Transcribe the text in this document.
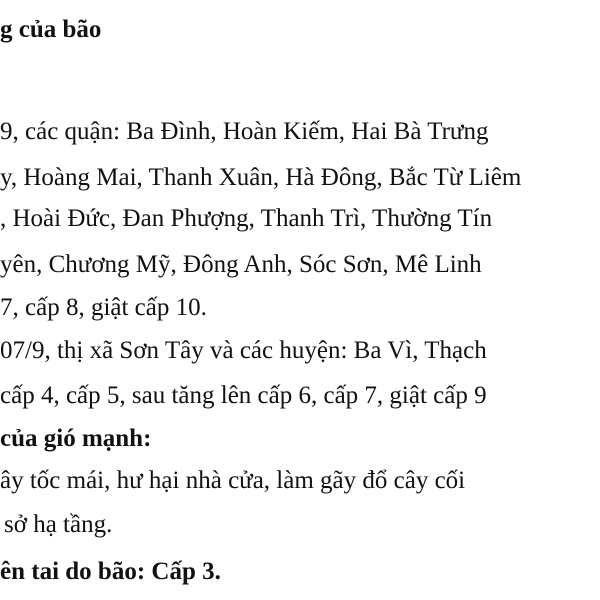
g của bão
9, các quận: Ba Đình, Hoàn Kiếm, Hai Bà Trưng
y, Hoàng Mai, Thanh Xuân, Hà Đông, Bắc Từ Liêm
, Hoài Đức, Đan Phượng, Thanh Trì, Thường Tín
yên, Chương Mỹ, Đông Anh, Sóc Sơn, Mê Linh
7, cấp 8, giật cấp 10.
07/9, thị xã Sơn Tây và các huyện: Ba Vì, Thạch
cấp 4, cấp 5, sau tăng lên cấp 6, cấp 7, giật cấp 9
của gió mạnh:
ây tốc mái, hư hại nhà cửa, làm gãy đổ cây cối
sở hạ tầng.
ên tai do bão: Cấp 3.
